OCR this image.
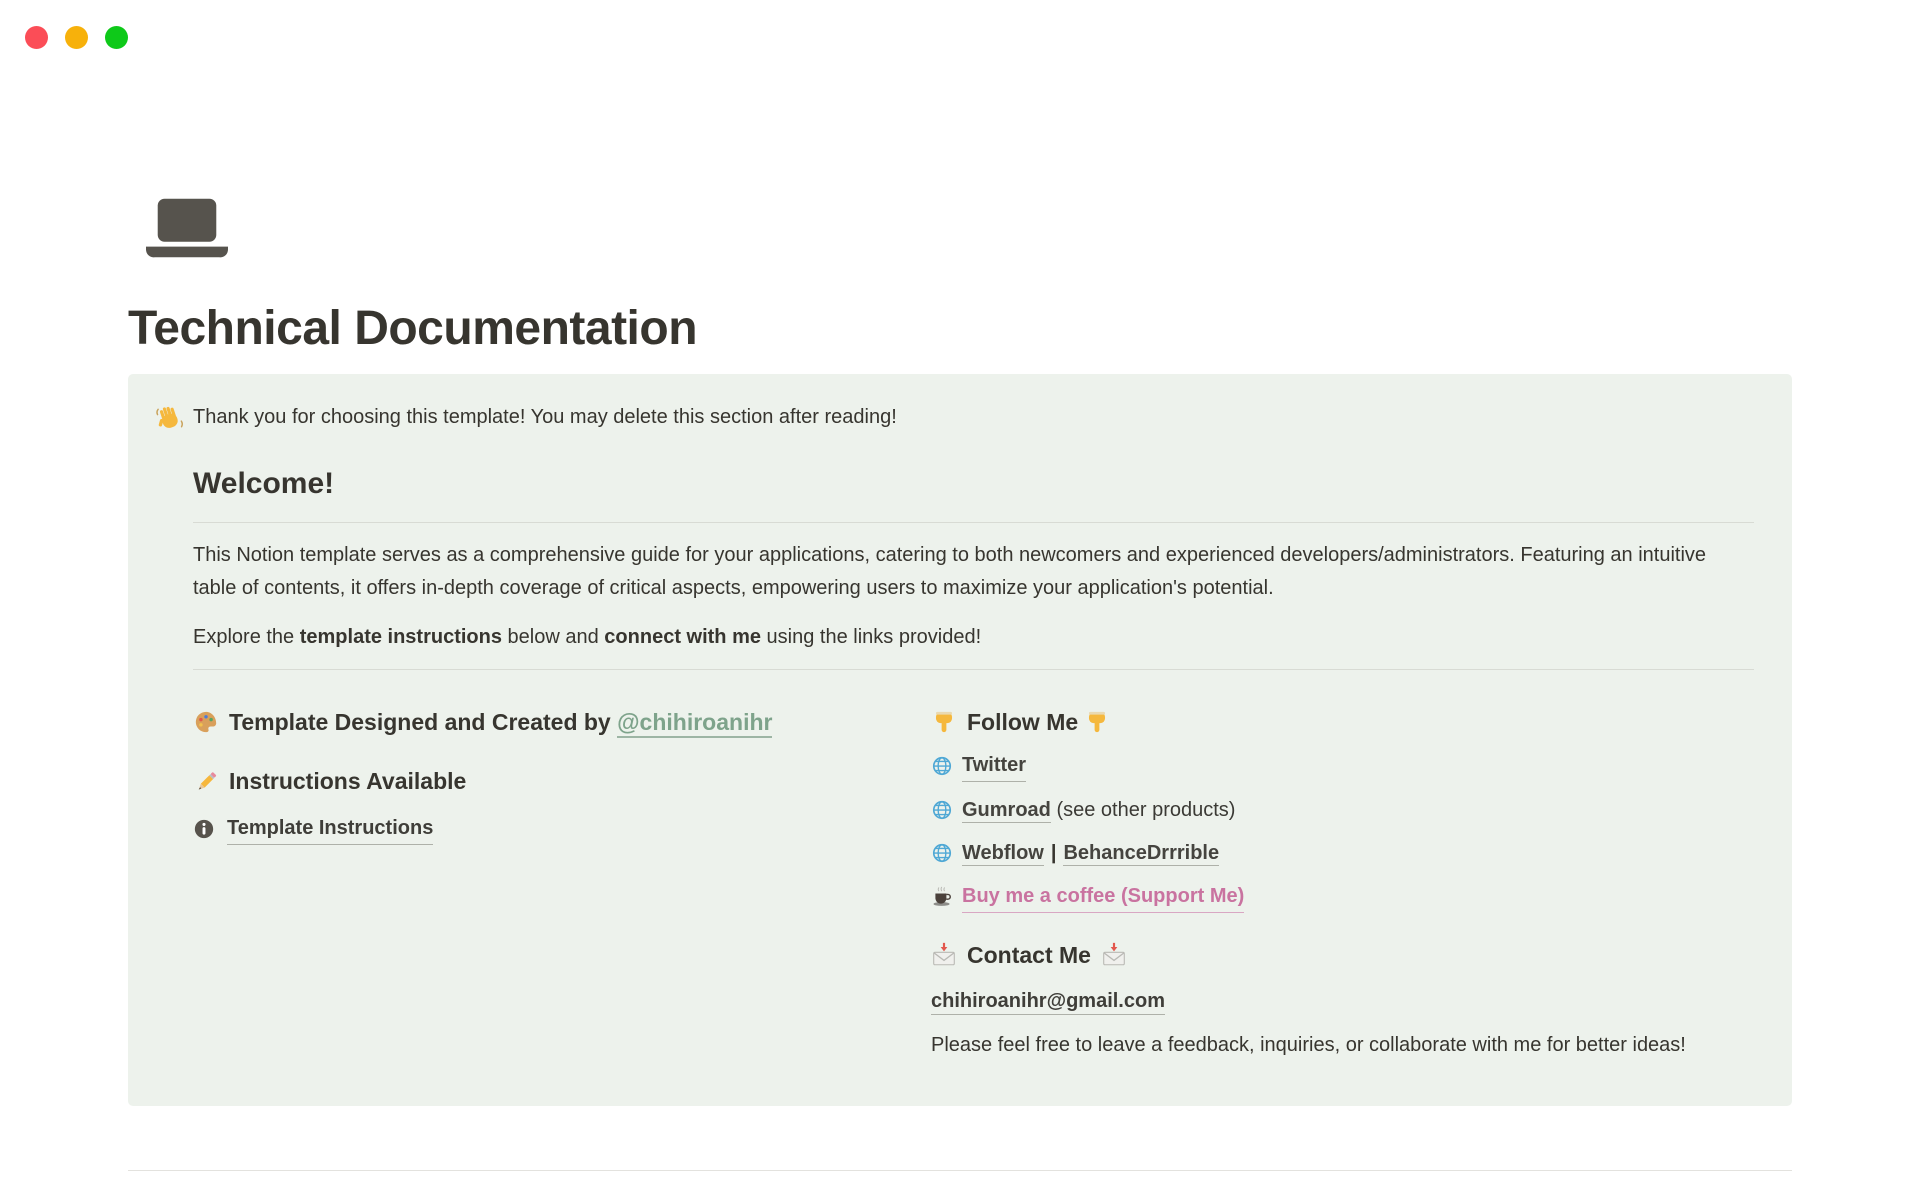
Technical Documentation
Thank you for choosing this template! You may delete this section after reading!
Welcome!

This Notion template serves as a comprehensive guide for your applications, catering to both newcomers and experienced developers/administrators. Featuring an intuitive table of contents, it offers in-depth coverage of critical aspects, empowering users to maximize your application's potential.

Explore the template instructions below and connect with me using the links provided!

Template Designed and Created by @chihiroanihr
Instructions Available
Template Instructions
Follow Me
Twitter
Gumroad (see other products)
Webflow | BehanceDrrrible
Buy me a coffee (Support Me)
Contact Me
chihiroanihr@gmail.com

Please feel free to leave a feedback, inquiries, or collaborate with me for better ideas!
